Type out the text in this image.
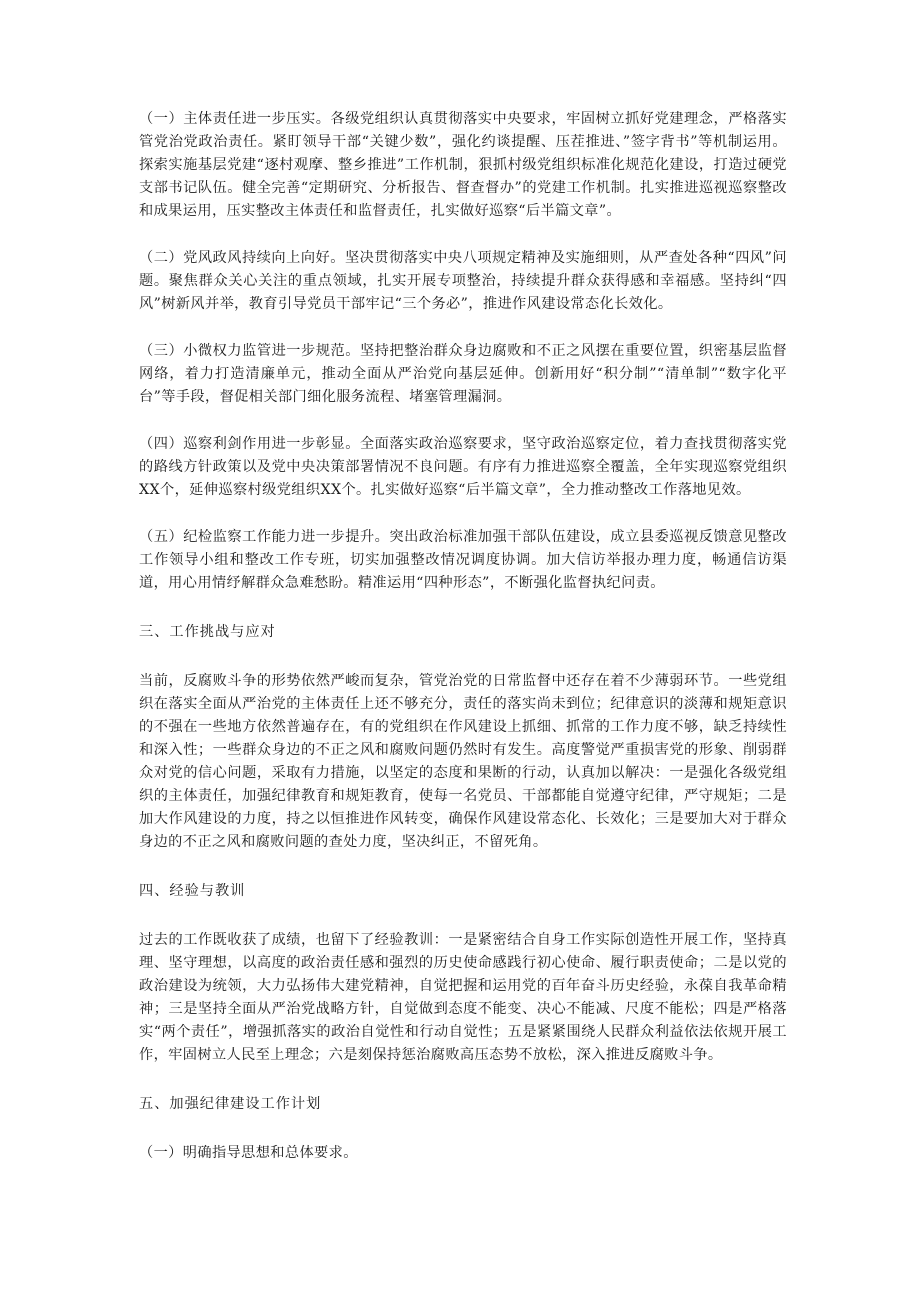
（一）主体责任进一步压实。各级党组织认真贯彻落实中央要求，牢固树立抓好党建理念，严格落实管党治党政治责任。紧盯领导干部“关键少数”，强化约谈提醒、压茬推进、”签字背书”等机制运用。探索实施基层党建“逐村观摩、整乡推进”工作机制，狠抓村级党组织标准化规范化建设，打造过硬党支部书记队伍。健全完善“定期研究、分析报告、督查督办”的党建工作机制。扎实推进巡视巡察整改和成果运用，压实整改主体责任和监督责任，扎实做好巡察“后半篇文章”。

（二）党风政风持续向上向好。坚决贯彻落实中央八项规定精神及实施细则，从严查处各种“四风”问题。聚焦群众关心关注的重点领域，扎实开展专项整治，持续提升群众获得感和幸福感。坚持纠“四风”树新风并举，教育引导党员干部牢记“三个务必”，推进作风建设常态化长效化。

（三）小微权力监管进一步规范。坚持把整治群众身边腐败和不正之风摆在重要位置，织密基层监督网络，着力打造清廉单元，推动全面从严治党向基层延伸。创新用好“积分制”“清单制”“数字化平台”等手段，督促相关部门细化服务流程、堵塞管理漏洞。

（四）巡察利剑作用进一步彰显。全面落实政治巡察要求，坚守政治巡察定位，着力查找贯彻落实党的路线方针政策以及党中央决策部署情况不良问题。有序有力推进巡察全覆盖，全年实现巡察党组织XX个，延伸巡察村级党组织XX个。扎实做好巡察“后半篇文章”，全力推动整改工作落地见效。

（五）纪检监察工作能力进一步提升。突出政治标准加强干部队伍建设，成立县委巡视反馈意见整改工作领导小组和整改工作专班，切实加强整改情况调度协调。加大信访举报办理力度，畅通信访渠道，用心用情纾解群众急难愁盼。精准运用“四种形态”，不断强化监督执纪问责。

三、工作挑战与应对

当前，反腐败斗争的形势依然严峻而复杂，管党治党的日常监督中还存在着不少薄弱环节。一些党组织在落实全面从严治党的主体责任上还不够充分，责任的落实尚未到位；纪律意识的淡薄和规矩意识的不强在一些地方依然普遍存在，有的党组织在作风建设上抓细、抓常的工作力度不够，缺乏持续性和深入性；一些群众身边的不正之风和腐败问题仍然时有发生。高度警觉严重损害党的形象、削弱群众对党的信心问题，采取有力措施，以坚定的态度和果断的行动，认真加以解决：一是强化各级党组织的主体责任，加强纪律教育和规矩教育，使每一名党员、干部都能自觉遵守纪律，严守规矩；二是加大作风建设的力度，持之以恒推进作风转变，确保作风建设常态化、长效化；三是要加大对于群众身边的不正之风和腐败问题的查处力度，坚决纠正，不留死角。

四、经验与教训

过去的工作既收获了成绩，也留下了经验教训：一是紧密结合自身工作实际创造性开展工作，坚持真理、坚守理想，以高度的政治责任感和强烈的历史使命感践行初心使命、履行职责使命；二是以党的政治建设为统领，大力弘扬伟大建党精神，自觉把握和运用党的百年奋斗历史经验，永葆自我革命精神；三是坚持全面从严治党战略方针，自觉做到态度不能变、决心不能减、尺度不能松；四是严格落实“两个责任”，增强抓落实的政治自觉性和行动自觉性；五是紧紧围绕人民群众利益依法依规开展工作，牢固树立人民至上理念；六是刻保持惩治腐败高压态势不放松，深入推进反腐败斗争。

五、加强纪律建设工作计划

（一）明确指导思想和总体要求。
